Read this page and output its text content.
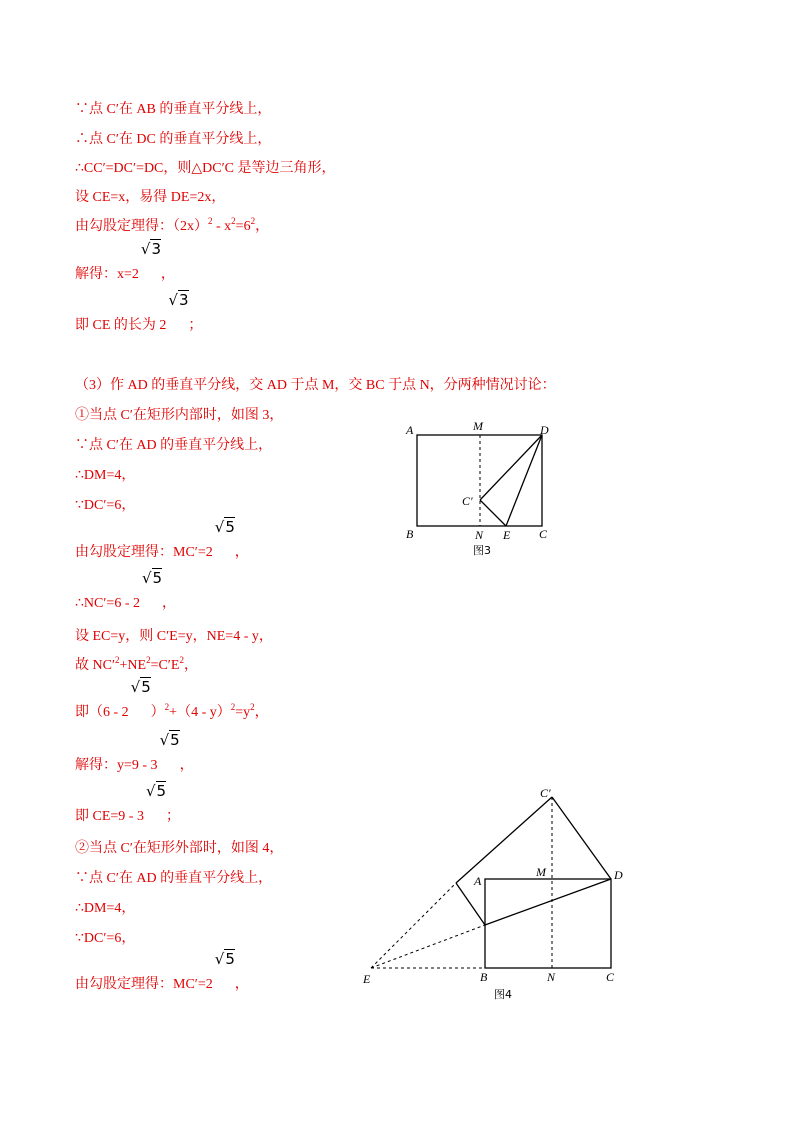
∵点 C′在 AB 的垂直平分线上，
∴点 C′在 DC 的垂直平分线上，
∴CC′=DC′=DC，则△DC′C 是等边三角形，
设 CE=x，易得 DE=2x，
由勾股定理得：$(2x)^2 - x^2=6^2$，
解得：x=2
√3
，
即 CE 的长为 2
√3
；
（3）作 AD 的垂直平分线，交 AD 于点 M，交 BC 于点 N，分两种情况讨论：
①当点 C′在矩形内部时，如图 3，
∵点 C′在 AD 的垂直平分线上，
∴DM=4，
∵DC′=6，
由勾股定理得：MC′=2
√5
，
∴NC′=6 - 2
√5
，
设 EC=y，则 C′E=y，NE=4 - y，
故 $NC'^2+NE^2=C'E^2$，
即（6 - 2
√5
）$^2+(4 - y)^2=y^2$，
解得：y=9 - 3
√5
，
即 CE=9 - 3
√5
；
②当点 C′在矩形外部时，如图 4，
∵点 C′在 AD 的垂直平分线上，
∴DM=4，
∵DC′=6，
由勾股定理得：MC′=2
√5
，
A	M	D
B	N E C
C′
图3
C′
A
M	D
E	B	N	C
图4
